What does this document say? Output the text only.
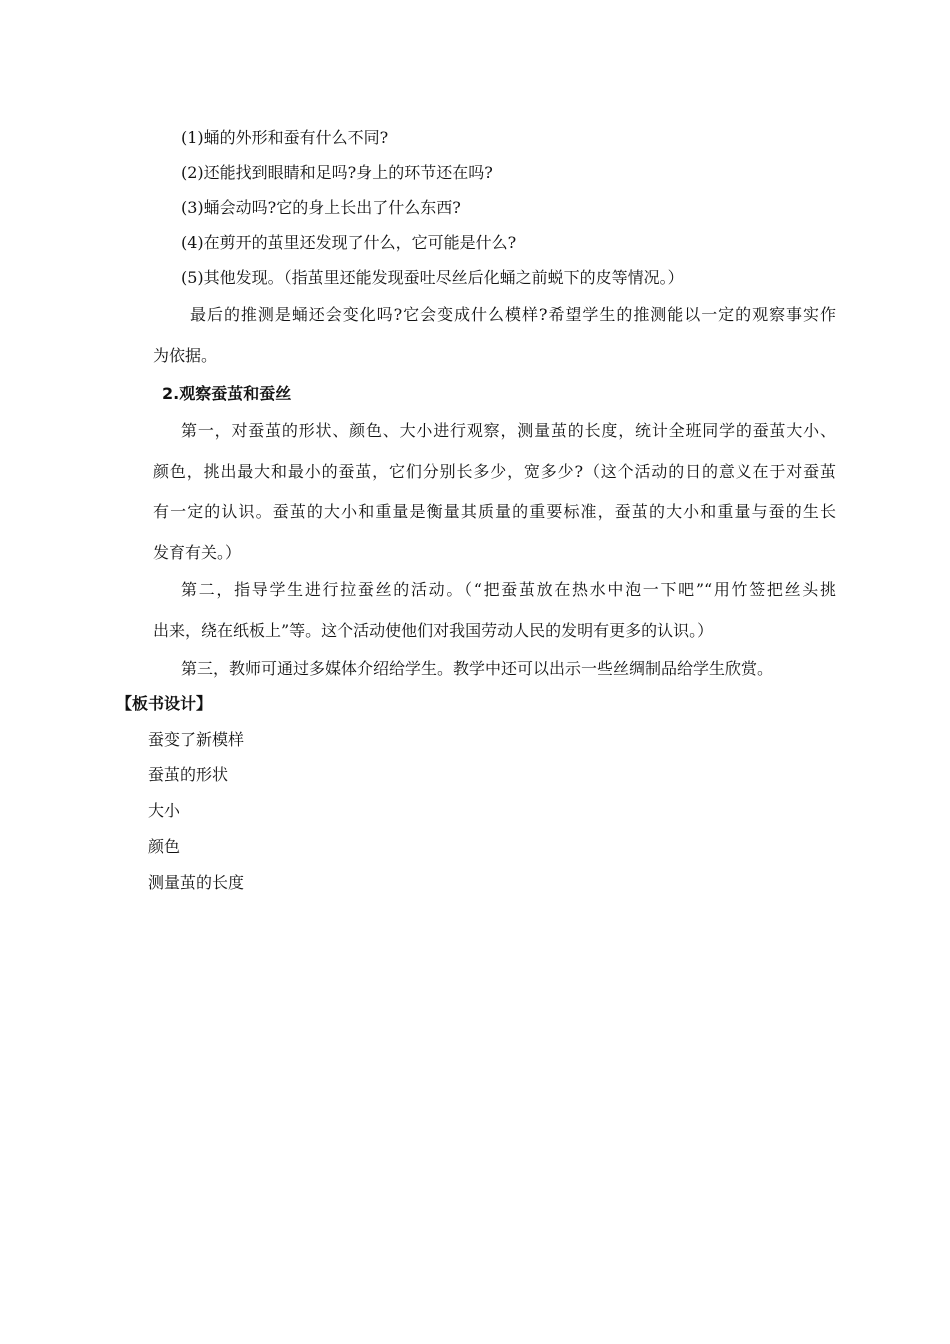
(1)蛹的外形和蚕有什么不同?
(2)还能找到眼睛和足吗?身上的环节还在吗?
(3)蛹会动吗?它的身上长出了什么东西?
(4)在剪开的茧里还发现了什么，它可能是什么?
(5)其他发现。（指茧里还能发现蚕吐尽丝后化蛹之前蜕下的皮等情况。）
最后的推测是蛹还会变化吗?它会变成什么模样?希望学生的推测能以一定的观察事实作
为依据。
2.观察蚕茧和蚕丝
第一，对蚕茧的形状、颜色、大小进行观察，测量茧的长度，统计全班同学的蚕茧大小、
颜色，挑出最大和最小的蚕茧，它们分别长多少，宽多少?（这个活动的日的意义在于对蚕茧
有一定的认识。蚕茧的大小和重量是衡量其质量的重要标准，蚕茧的大小和重量与蚕的生长
发育有关。）
第二，指导学生进行拉蚕丝的活动。（“把蚕茧放在热水中泡一下吧”“用竹签把丝头挑
出来，绕在纸板上”等。这个活动使他们对我国劳动人民的发明有更多的认识。）
第三，教师可通过多媒体介绍给学生。教学中还可以出示一些丝绸制品给学生欣赏。
【板书设计】
蚕变了新模样
蚕茧的形状
大小
颜色
测量茧的长度
